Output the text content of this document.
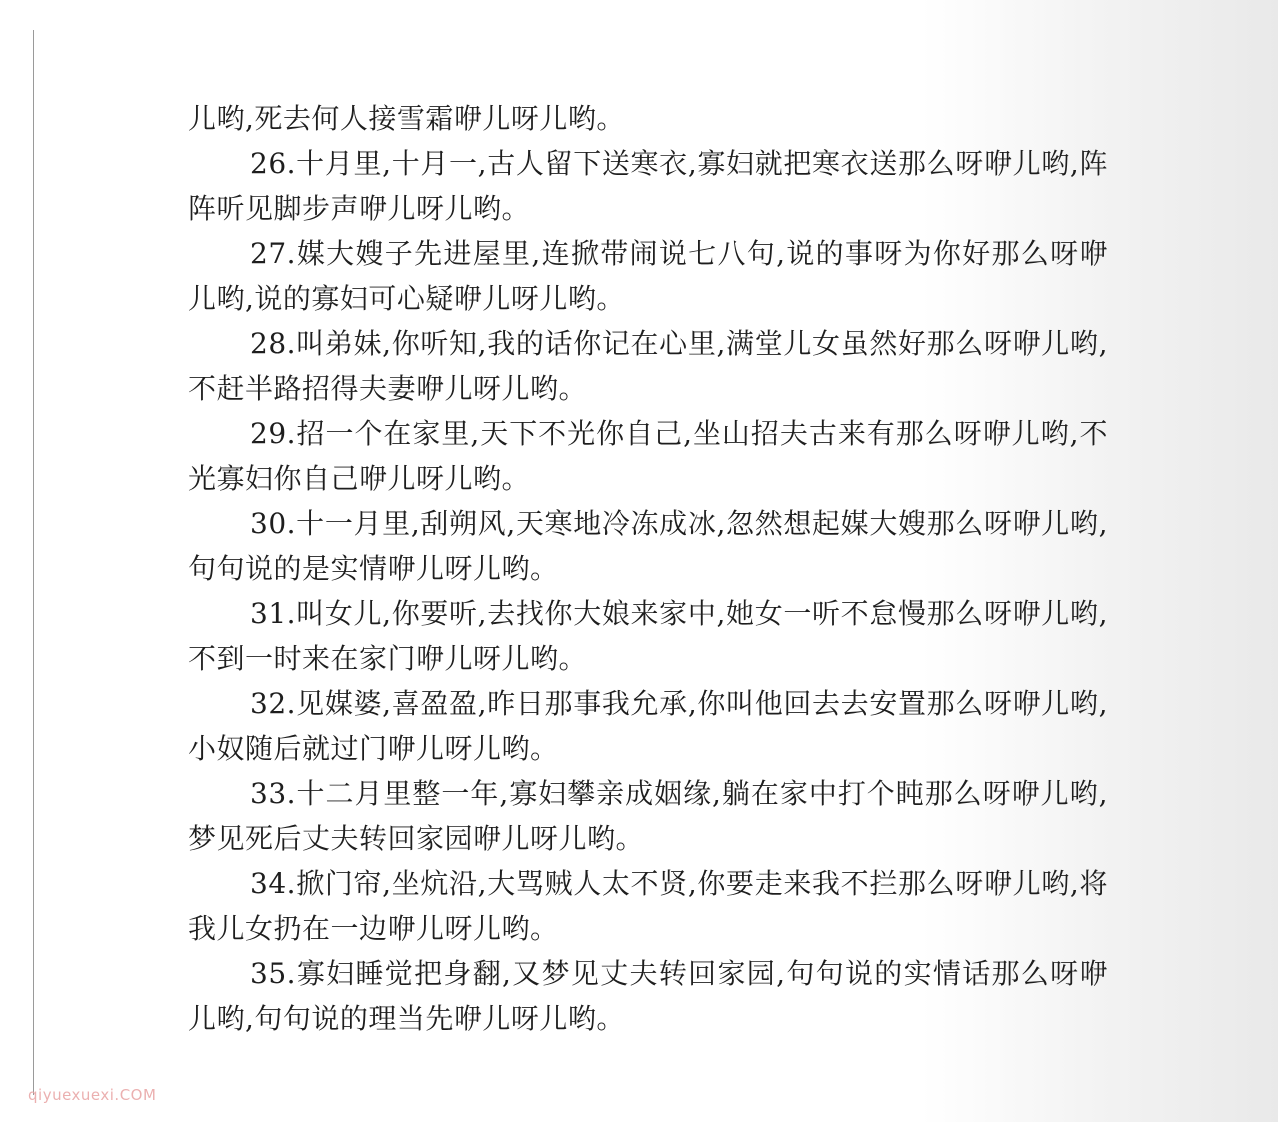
儿哟,死去何人接雪霜咿儿呀儿哟。

26.十月里,十月一,古人留下送寒衣,寡妇就把寒衣送那么呀咿儿哟,阵阵听见脚步声咿儿呀儿哟。

27.媒大嫂子先进屋里,连掀带闹说七八句,说的事呀为你好那么呀咿儿哟,说的寡妇可心疑咿儿呀儿哟。

28.叫弟妹,你听知,我的话你记在心里,满堂儿女虽然好那么呀咿儿哟,不赶半路招得夫妻咿儿呀儿哟。

29.招一个在家里,天下不光你自己,坐山招夫古来有那么呀咿儿哟,不光寡妇你自己咿儿呀儿哟。

30.十一月里,刮朔风,天寒地冷冻成冰,忽然想起媒大嫂那么呀咿儿哟,句句说的是实情咿儿呀儿哟。

31.叫女儿,你要听,去找你大娘来家中,她女一听不怠慢那么呀咿儿哟,不到一时来在家门咿儿呀儿哟。

32.见媒婆,喜盈盈,昨日那事我允承,你叫他回去去安置那么呀咿儿哟,小奴随后就过门咿儿呀儿哟。

33.十二月里整一年,寡妇攀亲成姻缘,躺在家中打个盹那么呀咿儿哟,梦见死后丈夫转回家园咿儿呀儿哟。

34.掀门帘,坐炕沿,大骂贼人太不贤,你要走来我不拦那么呀咿儿哟,将我儿女扔在一边咿儿呀儿哟。

35.寡妇睡觉把身翻,又梦见丈夫转回家园,句句说的实情话那么呀咿儿哟,句句说的理当先咿儿呀儿哟。

qiyuexuexi.COM
